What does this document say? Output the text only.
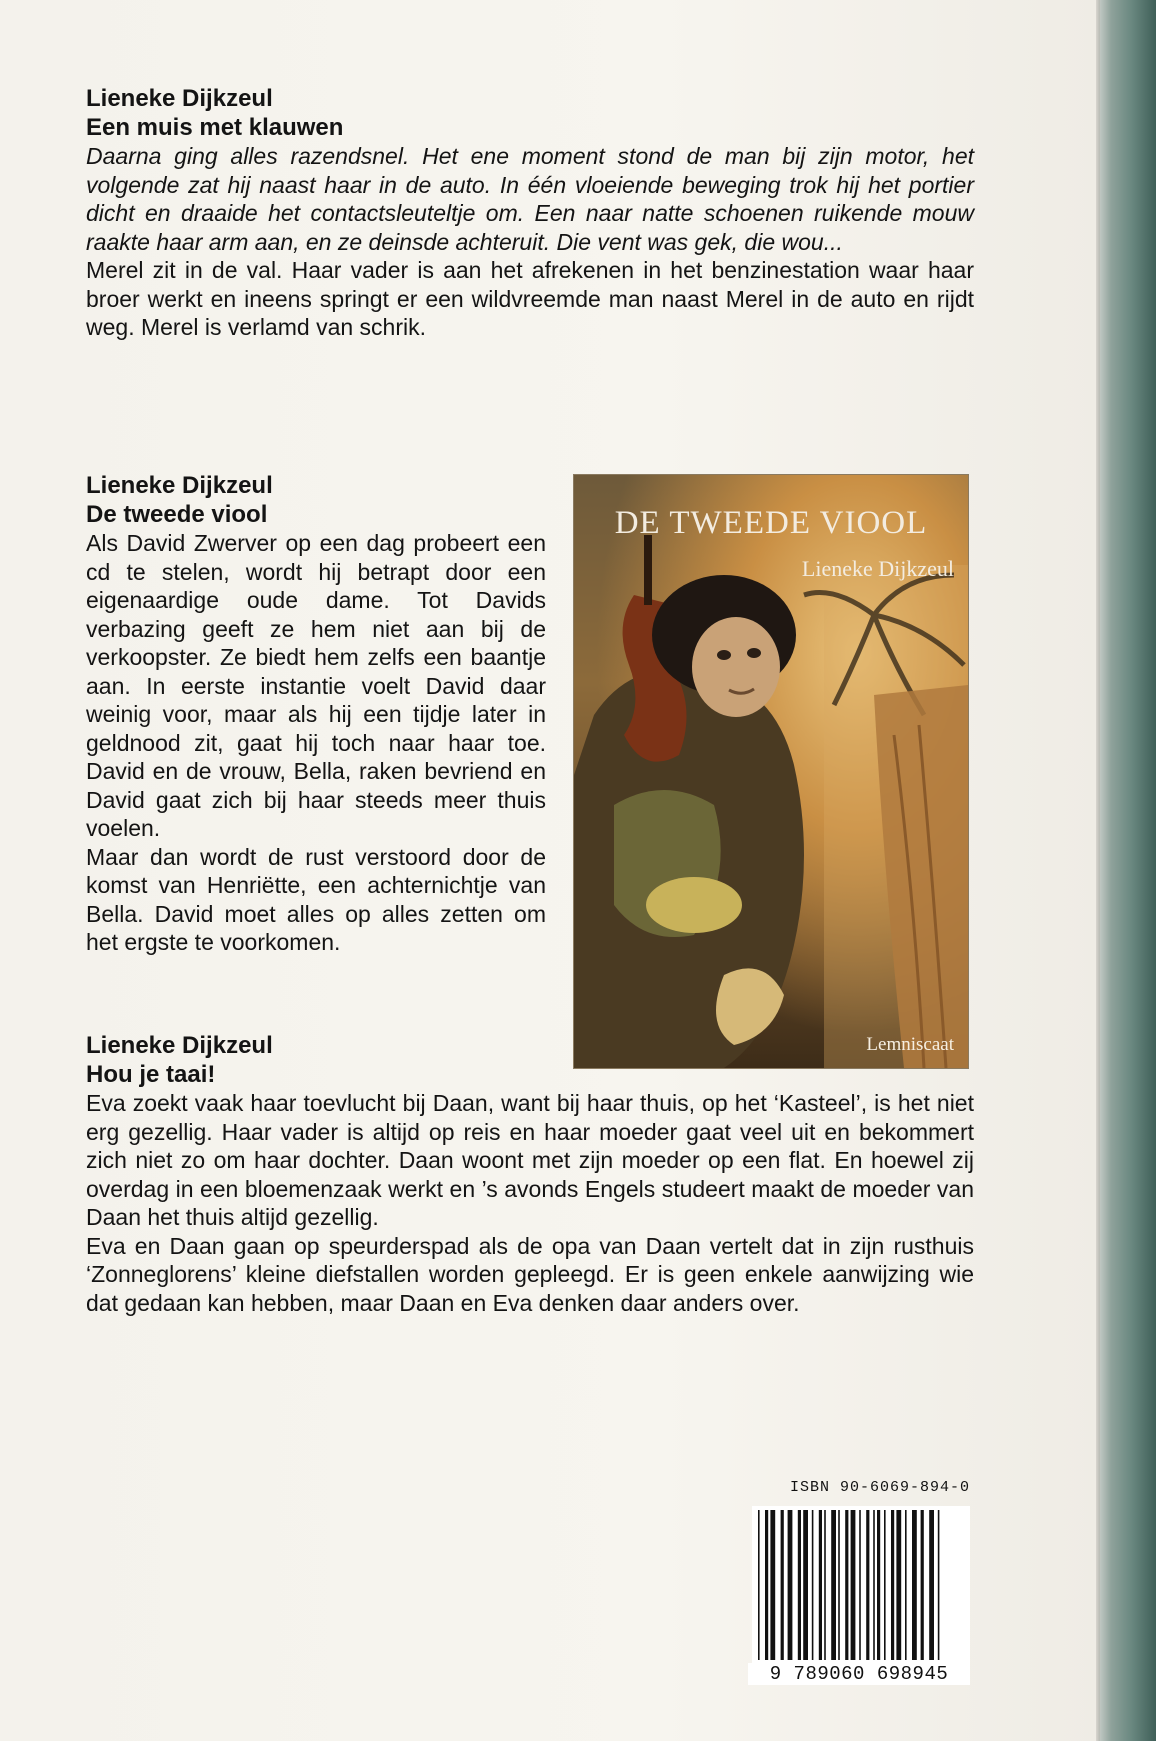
Lieneke Dijkzeul
Een muis met klauwen
Daarna ging alles razendsnel. Het ene moment stond de man bij zijn motor, het volgende zat hij naast haar in de auto. In één vloeiende beweging trok hij het portier dicht en draaide het contactsleuteltje om. Een naar natte schoenen ruikende mouw raakte haar arm aan, en ze deinsde achteruit. Die vent was gek, die wou...
Merel zit in de val. Haar vader is aan het afrekenen in het benzinestation waar haar broer werkt en ineens springt er een wildvreemde man naast Merel in de auto en rijdt weg. Merel is verlamd van schrik.
Lieneke Dijkzeul
De tweede viool
Als David Zwerver op een dag probeert een cd te stelen, wordt hij betrapt door een eigenaardige oude dame. Tot Davids verbazing geeft ze hem niet aan bij de verkoopster. Ze biedt hem zelfs een baantje aan. In eerste instantie voelt David daar weinig voor, maar als hij een tijdje later in geldnood zit, gaat hij toch naar haar toe. David en de vrouw, Bella, raken bevriend en David gaat zich bij haar steeds meer thuis voelen.
Maar dan wordt de rust verstoord door de komst van Henriëtte, een achternichtje van Bella. David moet alles op alles zetten om het ergste te voorkomen.
DE TWEEDE VIOOL
Lieneke Dijkzeul
Lemniscaat
Lieneke Dijkzeul
Hou je taai!
Eva zoekt vaak haar toevlucht bij Daan, want bij haar thuis, op het ‘Kasteel’, is het niet erg gezellig. Haar vader is altijd op reis en haar moeder gaat veel uit en bekommert zich niet zo om haar dochter. Daan woont met zijn moeder op een flat. En hoewel zij overdag in een bloemenzaak werkt en ’s avonds Engels studeert maakt de moeder van Daan het thuis altijd gezellig.
Eva en Daan gaan op speurderspad als de opa van Daan vertelt dat in zijn rusthuis ‘Zonneglorens’ kleine diefstallen worden gepleegd. Er is geen enkele aanwijzing wie dat gedaan kan hebben, maar Daan en Eva denken daar anders over.
ISBN 90-6069-894-0
9 789060 698945
